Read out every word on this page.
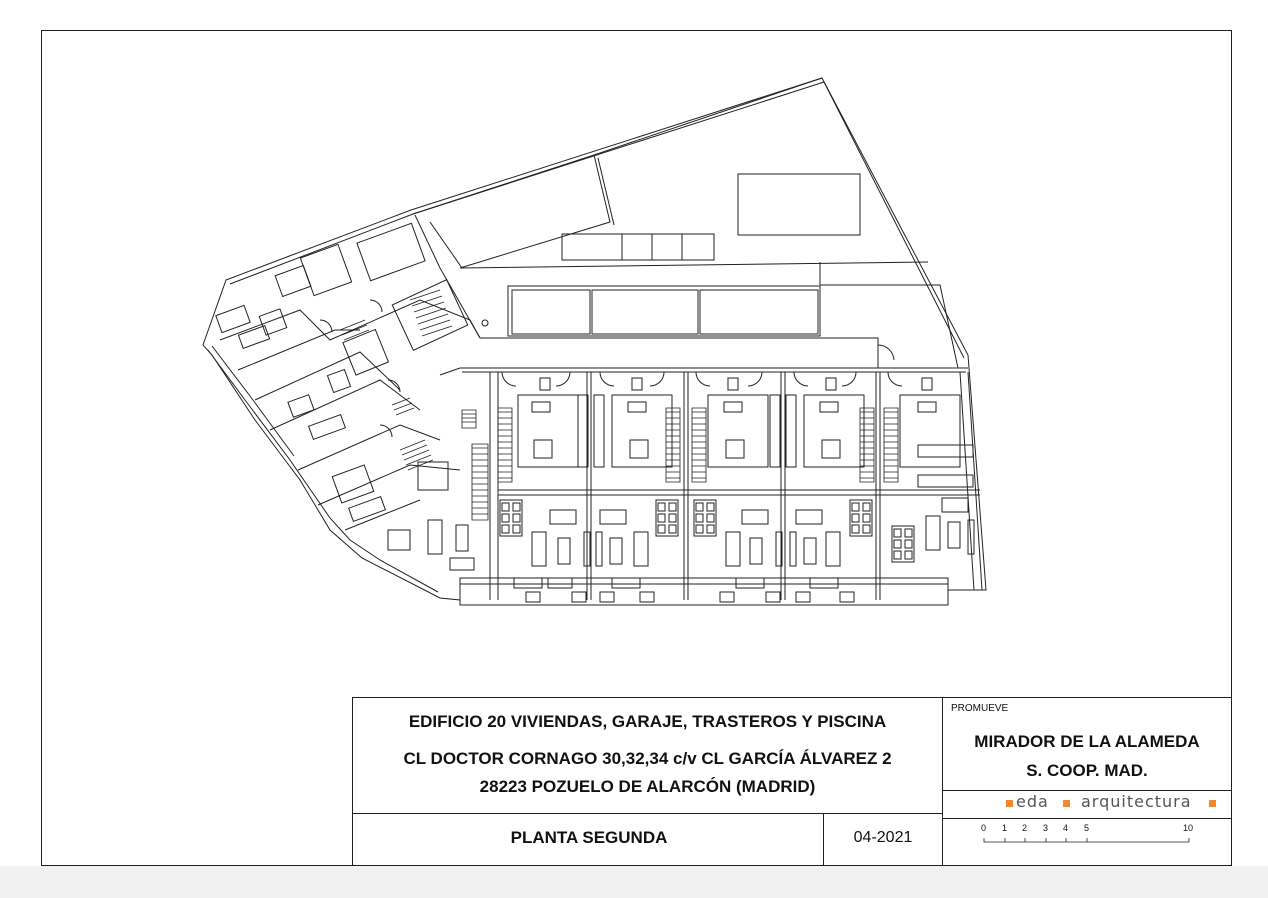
EDIFICIO 20 VIVIENDAS, GARAJE, TRASTEROS Y PISCINA
CL DOCTOR CORNAGO 30,32,34 c/v CL GARCÍA ÁLVAREZ 2
28223 POZUELO DE ALARCÓN (MADRID)
PLANTA SEGUNDA	04-2021
PROMUEVE
MIRADOR DE LA ALAMEDA
S. COOP. MAD.
eda arquitectura
0 1 2 3 4 5	10
